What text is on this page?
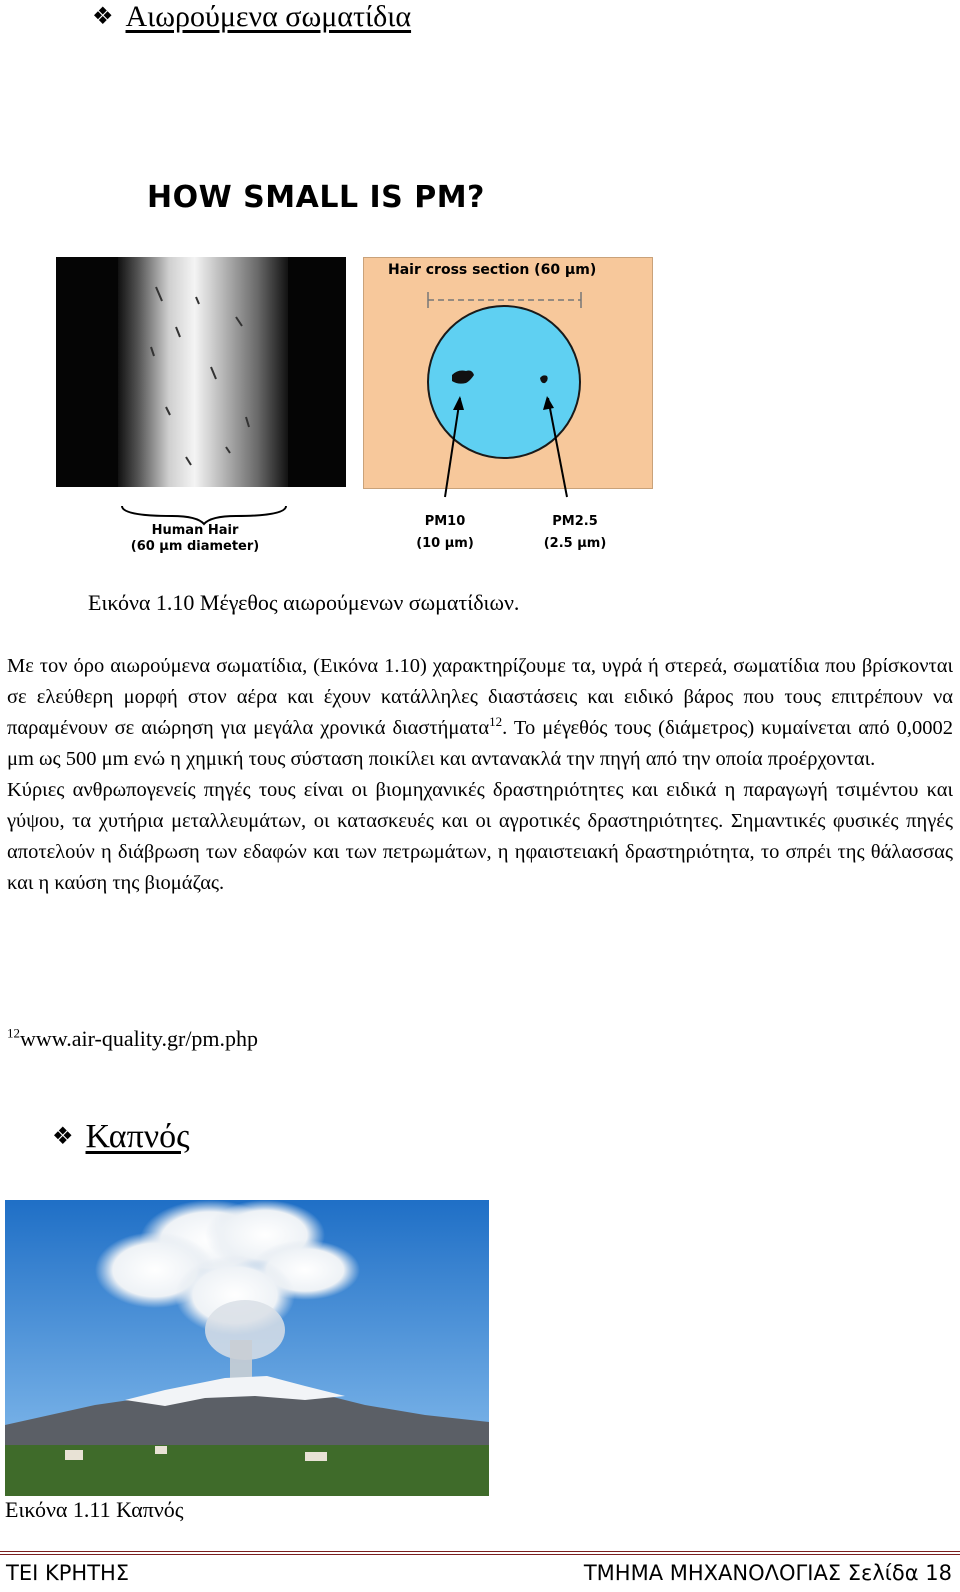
❖ Αιωρούμενα σωματίδια
HOW SMALL IS PM?
Hair cross section (60 μm)
Human Hair
(60 μm diameter)
PM10
(10 μm)
PM2.5
(2.5 μm)
Εικόνα 1.10 Μέγεθος αιωρούμενων σωματίδιων.

Με τον όρο αιωρούμενα σωματίδια, (Εικόνα 1.10) χαρακτηρίζουμε τα, υγρά ή στερεά, σωματίδια που βρίσκονται σε ελεύθερη μορφή στον αέρα και έχουν κατάλληλες διαστάσεις και ειδικό βάρος που τους επιτρέπουν να παραμένουν σε αιώρηση για μεγάλα χρονικά διαστήματα$^{12}$. Το μέγεθός τους (διάμετρος) κυμαίνεται από 0,0002 μm ως 500 μm ενώ η χημική τους σύσταση ποικίλει και αντανακλά την πηγή από την οποία προέρχονται.

Κύριες ανθρωπογενείς πηγές τους είναι οι βιομηχανικές δραστηριότητες και ειδικά η παραγωγή τσιμέντου και γύψου, τα χυτήρια μεταλλευμάτων, οι κατασκευές και οι αγροτικές δραστηριότητες. Σημαντικές φυσικές πηγές αποτελούν η διάβρωση των εδαφών και των πετρωμάτων, η ηφαιστειακή δραστηριότητα, το σπρέι της θάλασσας και η καύση της βιομάζας.

$^{12}$www.air-quality.gr/pm.php
❖ Καπνός
Εικόνα 1.11 Καπνός
ΤΕΙ ΚΡΗΤΗΣ	ΤΜΗΜΑ ΜΗΧΑΝΟΛΟΓΙΑΣ Σελίδα 18
